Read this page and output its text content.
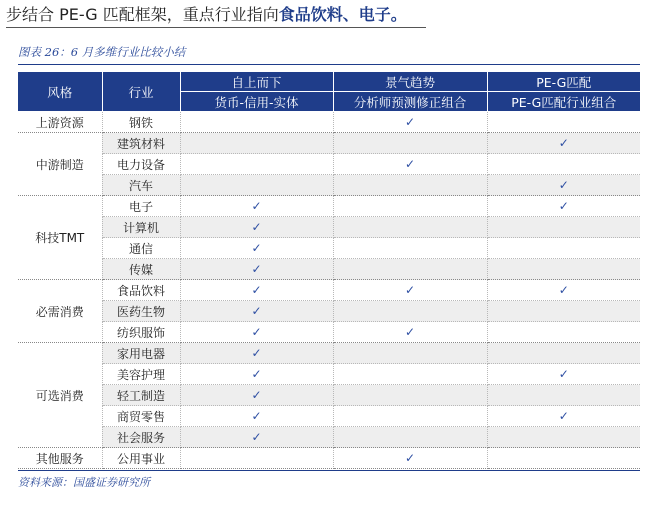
步结合 PE-G 匹配框架，重点行业指向食品饮料、电子。
图表 26：6 月多维行业比较小结
风格	行业	自上而下	景气趋势	PE-G匹配
		货币-信用-实体	分析师预测修正组合	PE-G匹配行业组合
上游资源	钢铁		✓	
中游制造	建筑材料			✓
	电力设备		✓	
	汽车			✓
科技TMT	电子	✓		✓
	计算机	✓		
	通信	✓		
	传媒	✓		
必需消费	食品饮料	✓	✓	✓
	医药生物	✓		
	纺织服饰	✓	✓	
可选消费	家用电器	✓		
	美容护理	✓		✓
	轻工制造	✓		
	商贸零售	✓		✓
	社会服务	✓		
其他服务	公用事业		✓	
资料来源：国盛证券研究所
